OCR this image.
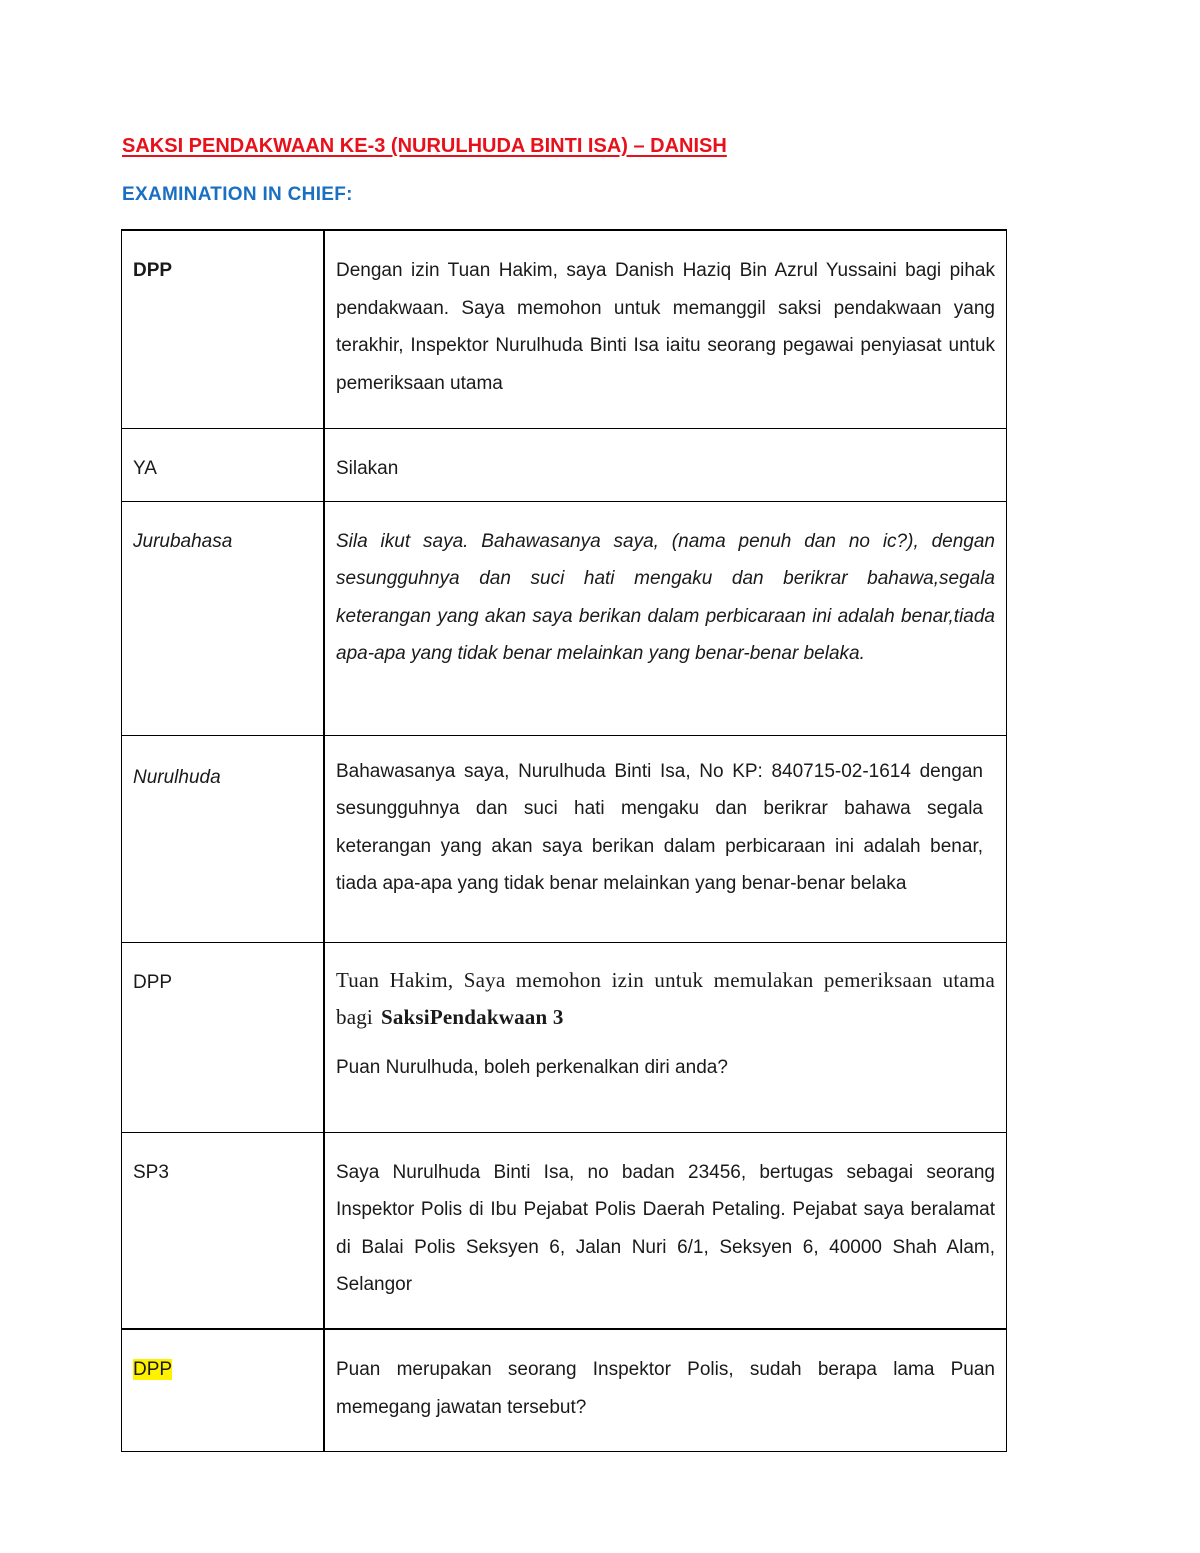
SAKSI PENDAKWAAN KE-3 (NURULHUDA BINTI ISA) – DANISH
EXAMINATION IN CHIEF:
DPP	Dengan izin Tuan Hakim, saya Danish Haziq Bin Azrul Yussaini bagi pihak pendakwaan. Saya memohon untuk memanggil saksi pendakwaan yang terakhir, Inspektor Nurulhuda Binti Isa iaitu seorang pegawai penyiasat untuk pemeriksaan utama
YA	Silakan
Jurubahasa	Sila ikut saya. Bahawasanya saya, (nama penuh dan no ic?), dengan sesungguhnya dan suci hati mengaku dan berikrar bahawa,segala keterangan yang akan saya berikan dalam perbicaraan ini adalah benar,tiada apa-apa yang tidak benar melainkan yang benar-benar belaka.
Nurulhuda	Bahawasanya saya, Nurulhuda Binti Isa, No KP: 840715-02-1614 dengan sesungguhnya dan suci hati mengaku dan berikrar bahawa segala keterangan yang akan saya berikan dalam perbicaraan ini adalah benar, tiada apa-apa yang tidak benar melainkan yang benar-benar belaka
DPP	Tuan Hakim, Saya memohon izin untuk memulakan pemeriksaan utama bagi SaksiPendakwaan 3
Puan Nurulhuda, boleh perkenalkan diri anda?

SP3	Saya Nurulhuda Binti Isa, no badan 23456, bertugas sebagai seorang Inspektor Polis di Ibu Pejabat Polis Daerah Petaling. Pejabat saya beralamat di Balai Polis Seksyen 6, Jalan Nuri 6/1, Seksyen 6, 40000 Shah Alam, Selangor
DPP	Puan merupakan seorang Inspektor Polis, sudah berapa lama Puan memegang jawatan tersebut?
